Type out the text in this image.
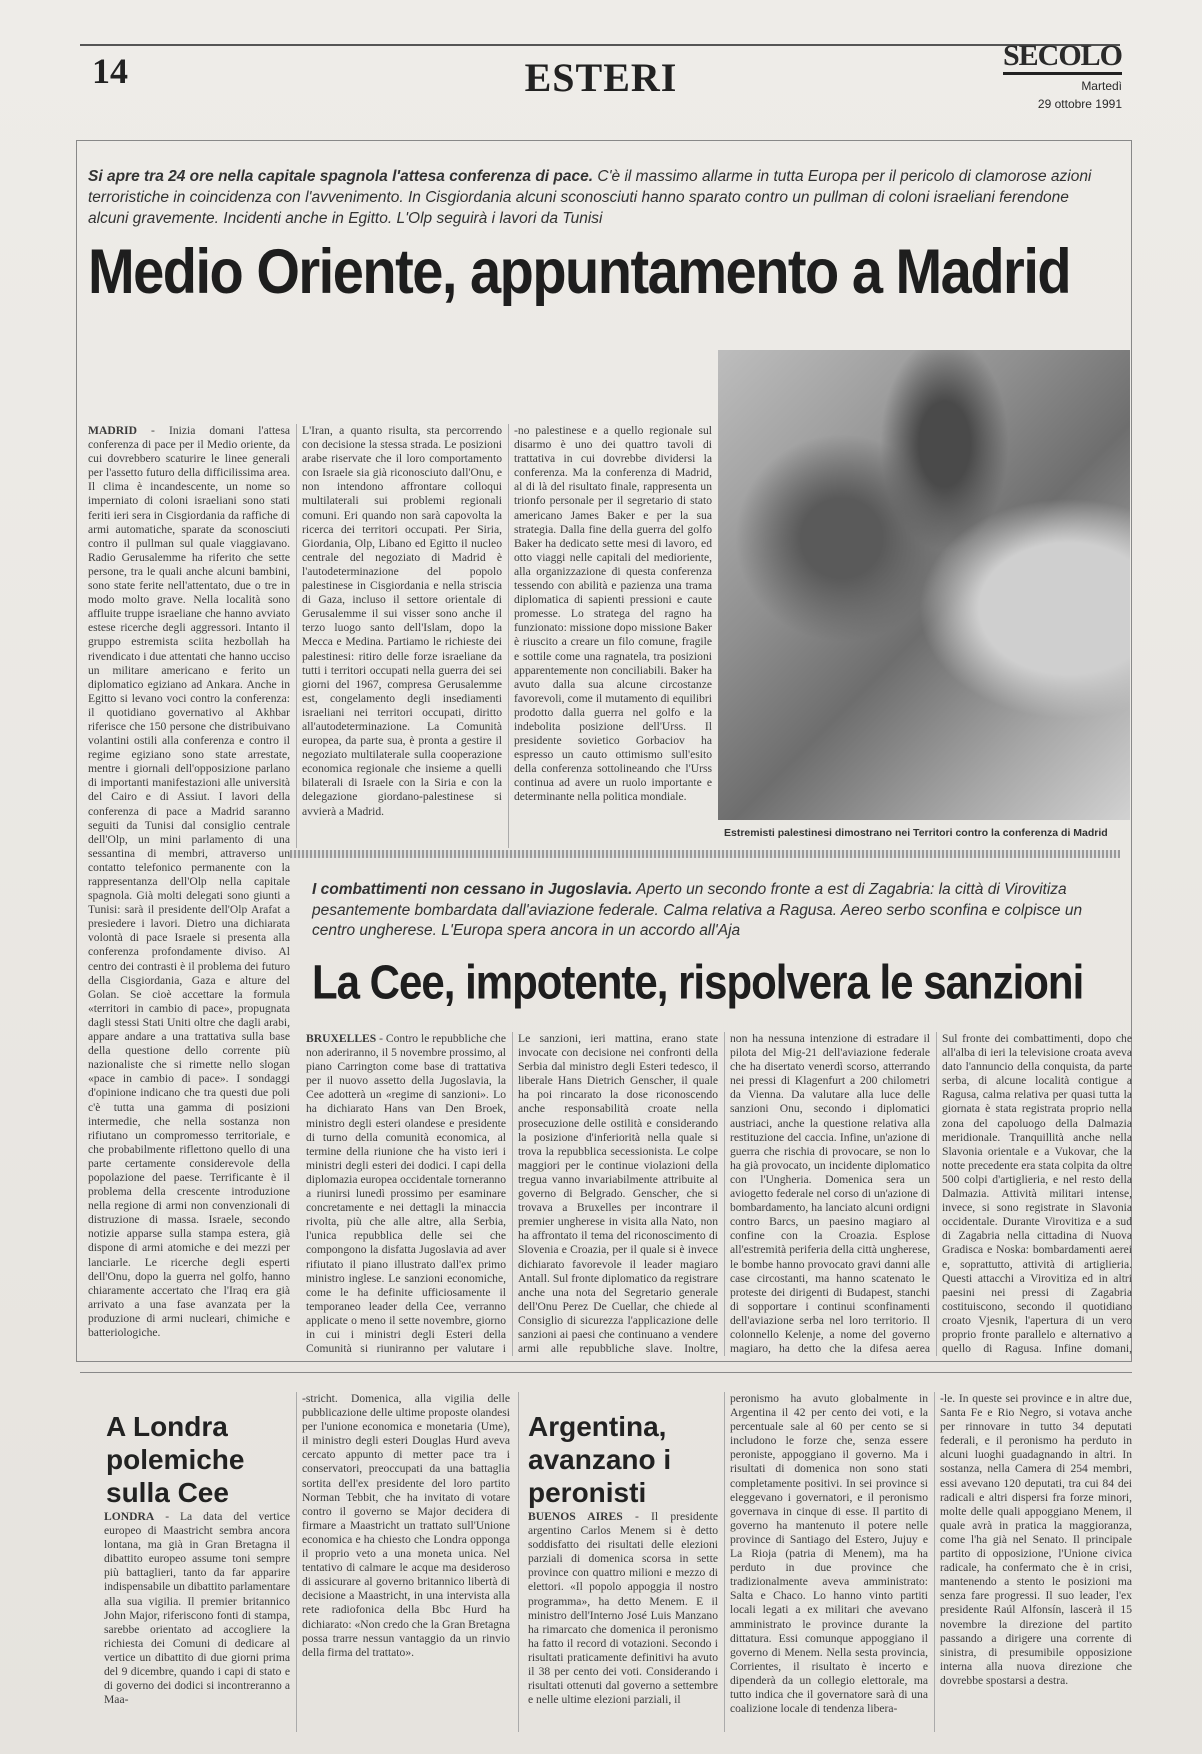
14	ESTERI	SECOLO
Martedì
29 ottobre 1991
Si apre tra 24 ore nella capitale spagnola l'attesa conferenza di pace. C'è il massimo allarme in tutta Europa per il pericolo di clamorose azioni terroristiche in coincidenza con l'avvenimento. In Cisgiordania alcuni sconosciuti hanno sparato contro un pullman di coloni israeliani ferendone alcuni gravemente. Incidenti anche in Egitto. L'Olp seguirà i lavori da Tunisi
Medio Oriente, appuntamento a Madrid

MADRID - Inizia domani l'attesa conferenza di pace per il Medio oriente, da cui dovrebbero scaturire le linee generali per l'assetto futuro della difficilissima area. Il clima è incandescente, un nome so imperniato di coloni israeliani sono stati feriti ieri sera in Cisgiordania da raffiche di armi automatiche, sparate da sconosciuti contro il pullman sul quale viaggiavano. Radio Gerusalemme ha riferito che sette persone, tra le quali anche alcuni bambini, sono state ferite nell'attentato, due o tre in modo molto grave. Nella località sono affluite truppe israeliane che hanno avviato estese ricerche degli aggressori. Intanto il gruppo estremista sciita hezbollah ha rivendicato i due attentati che hanno ucciso un militare americano e ferito un diplomatico egiziano ad Ankara. Anche in Egitto si levano voci contro la conferenza: il quotidiano governativo al Akhbar riferisce che 150 persone che distribuivano volantini ostili alla conferenza e contro il regime egiziano sono state arrestate, mentre i giornali dell'opposizione parlano di importanti manifestazioni alle università del Cairo e di Assiut. I lavori della conferenza di pace a Madrid saranno seguiti da Tunisi dal consiglio centrale dell'Olp, un mini parlamento di una sessantina di membri, attraverso un contatto telefonico permanente con la rappresentanza dell'Olp nella capitale spagnola. Già molti delegati sono giunti a Tunisi: sarà il presidente dell'Olp Arafat a presiedere i lavori. Dietro una dichiarata volontà di pace Israele si presenta alla conferenza profondamente diviso. Al centro dei contrasti è il problema dei futuro della Cisgiordania, Gaza e alture del Golan. Se cioè accettare la formula «territori in cambio di pace», propugnata dagli stessi Stati Uniti oltre che dagli arabi, appare andare a una trattativa sulla base della questione dello corrente più nazionaliste che si rimette nello slogan «pace in cambio di pace». I sondaggi d'opinione indicano che tra questi due poli c'è tutta una gamma di posizioni intermedie, che nella sostanza non rifiutano un compromesso territoriale, e che probabilmente riflettono quello di una parte certamente considerevole della popolazione del paese. Terrificante è il problema della crescente introduzione nella regione di armi non convenzionali di distruzione di massa. Israele, secondo notizie apparse sulla stampa estera, già dispone di armi atomiche e dei mezzi per lanciarle. Le ricerche degli esperti dell'Onu, dopo la guerra nel golfo, hanno chiaramente accertato che l'Iraq era già arrivato a una fase avanzata per la produzione di armi nucleari, chimiche e batteriologiche.

L'Iran, a quanto risulta, sta percorrendo con decisione la stessa strada. Le posizioni arabe riservate che il loro comportamento con Israele sia già riconosciuto dall'Onu, e non intendono affrontare colloqui multilaterali sui problemi regionali comuni. Eri quando non sarà capovolta la ricerca dei territori occupati. Per Siria, Giordania, Olp, Libano ed Egitto il nucleo centrale del negoziato di Madrid è l'autodeterminazione del popolo palestinese in Cisgiordania e nella striscia di Gaza, incluso il settore orientale di Gerusalemme il sui visser sono anche il terzo luogo santo dell'Islam, dopo la Mecca e Medina. Partiamo le richieste dei palestinesi: ritiro delle forze israeliane da tutti i territori occupati nella guerra dei sei giorni del 1967, compresa Gerusalemme est, congelamento degli insediamenti israeliani nei territori occupati, diritto all'autodeterminazione. La Comunità europea, da parte sua, è pronta a gestire il negoziato multilaterale sulla cooperazione economica regionale che insieme a quelli bilaterali di Israele con la Siria e con la delegazione giordano-palestinese si avvierà a Madrid.

-no palestinese e a quello regionale sul disarmo è uno dei quattro tavoli di trattativa in cui dovrebbe dividersi la conferenza. Ma la conferenza di Madrid, al di là del risultato finale, rappresenta un trionfo personale per il segretario di stato americano James Baker e per la sua strategia. Dalla fine della guerra del golfo Baker ha dedicato sette mesi di lavoro, ed otto viaggi nelle capitali del medioriente, alla organizzazione di questa conferenza tessendo con abilità e pazienza una trama diplomatica di sapienti pressioni e caute promesse. Lo stratega del ragno ha funzionato: missione dopo missione Baker è riuscito a creare un filo comune, fragile e sottile come una ragnatela, tra posizioni apparentemente non conciliabili. Baker ha avuto dalla sua alcune circostanze favorevoli, come il mutamento di equilibri prodotto dalla guerra nel golfo e la indebolita posizione dell'Urss. Il presidente sovietico Gorbaciov ha espresso un cauto ottimismo sull'esito della conferenza sottolineando che l'Urss continua ad avere un ruolo importante e determinante nella politica mondiale.

Estremisti palestinesi dimostrano nei Territori contro la conferenza di Madrid
I combattimenti non cessano in Jugoslavia. Aperto un secondo fronte a est di Zagabria: la città di Virovitiza pesantemente bombardata dall'aviazione federale. Calma relativa a Ragusa. Aereo serbo sconfina e colpisce un centro ungherese. L'Europa spera ancora in un accordo all'Aja
La Cee, impotente, rispolvera le sanzioni

BRUXELLES - Contro le repubbliche che non aderiranno, il 5 novembre prossimo, al piano Carrington come base di trattativa per il nuovo assetto della Jugoslavia, la Cee adotterà un «regime di sanzioni». Lo ha dichiarato Hans van Den Broek, ministro degli esteri olandese e presidente di turno della comunità economica, al termine della riunione che ha visto ieri i ministri degli esteri dei dodici. I capi della diplomazia europea occidentale torneranno a riunirsi lunedì prossimo per esaminare concretamente e nei dettagli la minaccia rivolta, più che alle altre, alla Serbia, l'unica repubblica delle sei che compongono la disfatta Jugoslavia ad aver rifiutato il piano illustrato dall'ex primo ministro inglese. Le sanzioni economiche, come le ha definite ufficiosamente il temporaneo leader della Cee, verranno applicate o meno il sette novembre, giorno in cui i ministri degli Esteri della Comunità si riuniranno per valutare i

Le sanzioni, ieri mattina, erano state invocate con decisione nei confronti della Serbia dal ministro degli Esteri tedesco, il liberale Hans Dietrich Genscher, il quale ha poi rincarato la dose riconoscendo anche responsabilità croate nella prosecuzione delle ostilità e considerando la posizione d'inferiorità nella quale si trova la repubblica secessionista. Le colpe maggiori per le continue violazioni della tregua vanno invariabilmente attribuite al governo di Belgrado. Genscher, che si trovava a Bruxelles per incontrare il premier ungherese in visita alla Nato, non ha affrontato il tema del riconoscimento di Slovenia e Croazia, per il quale si è invece dichiarato favorevole il leader magiaro Antall. Sul fronte diplomatico da registrare anche una nota del Segretario generale dell'Onu Perez De Cuellar, che chiede al Consiglio di sicurezza l'applicazione delle sanzioni ai paesi che continuano a vendere armi alle repubbliche slave. Inoltre,

non ha nessuna intenzione di estradare il pilota del Mig-21 dell'aviazione federale che ha disertato venerdì scorso, atterrando nei pressi di Klagenfurt a 200 chilometri da Vienna. Da valutare alla luce delle sanzioni Onu, secondo i diplomatici austriaci, anche la questione relativa alla restituzione del caccia. Infine, un'azione di guerra che rischia di provocare, se non lo ha già provocato, un incidente diplomatico con l'Ungheria. Domenica sera un aviogetto federale nel corso di un'azione di bombardamento, ha lanciato alcuni ordigni contro Barcs, un paesino magiaro al confine con la Croazia. Esplose all'estremità periferia della città ungherese, le bombe hanno provocato gravi danni alle case circostanti, ma hanno scatenato le proteste dei dirigenti di Budapest, stanchi di sopportare i continui sconfinamenti dell'aviazione serba nel loro territorio. Il colonnello Kelenje, a nome del governo magiaro, ha detto che la difesa aerea

Sul fronte dei combattimenti, dopo che all'alba di ieri la televisione croata aveva dato l'annuncio della conquista, da parte serba, di alcune località contigue a Ragusa, calma relativa per quasi tutta la giornata è stata registrata proprio nella zona del capoluogo della Dalmazia meridionale. Tranquillità anche nella Slavonia orientale e a Vukovar, che la notte precedente era stata colpita da oltre 500 colpi d'artiglieria, e nel resto della Dalmazia. Attività militari intense, invece, si sono registrate in Slavonia occidentale. Durante Virovitiza e a sud di Zagabria nella cittadina di Nuova Gradisca e Noska: bombardamenti aerei e, soprattutto, attività di artiglieria. Questi attacchi a Virovitiza ed in altri paesini nei pressi di Zagabria costituiscono, secondo il quotidiano croato Vjesnik, l'apertura di un vero proprio fronte parallelo e alternativo a quello di Ragusa. Infine domani,

A Londra polemiche sulla Cee

LONDRA - La data del vertice europeo di Maastricht sembra ancora lontana, ma già in Gran Bretagna il dibattito europeo assume toni sempre più battaglieri, tanto da far apparire indispensabile un dibattito parlamentare alla sua vigilia. Il premier britannico John Major, riferiscono fonti di stampa, sarebbe orientato ad accogliere la richiesta dei Comuni di dedicare al vertice un dibattito di due giorni prima del 9 dicembre, quando i capi di stato e di governo dei dodici si incontreranno a Maa-

-stricht. Domenica, alla vigilia delle pubblicazione delle ultime proposte olandesi per l'unione economica e monetaria (Ume), il ministro degli esteri Douglas Hurd aveva cercato appunto di metter pace tra i conservatori, preoccupati da una battaglia sortita dell'ex presidente del loro partito Norman Tebbit, che ha invitato di votare contro il governo se Major decidera di firmare a Maastricht un trattato sull'Unione economica e ha chiesto che Londra opponga il proprio veto a una moneta unica. Nel tentativo di calmare le acque ma desideroso di assicurare al governo britannico libertà di decisione a Maastricht, in una intervista alla rete radiofonica della Bbc Hurd ha dichiarato: «Non credo che la Gran Bretagna possa trarre nessun vantaggio da un rinvio della firma del trattato».

Argentina, avanzano i peronisti

BUENOS AIRES - Il presidente argentino Carlos Menem si è detto soddisfatto dei risultati delle elezioni parziali di domenica scorsa in sette province con quattro milioni e mezzo di elettori. «Il popolo appoggia il nostro programma», ha detto Menem. E il ministro dell'Interno José Luis Manzano ha rimarcato che domenica il peronismo ha fatto il record di votazioni. Secondo i risultati praticamente definitivi ha avuto il 38 per cento dei voti. Considerando i risultati ottenuti dal governo a settembre e nelle ultime elezioni parziali, il

peronismo ha avuto globalmente in Argentina il 42 per cento dei voti, e la percentuale sale al 60 per cento se si includono le forze che, senza essere peroniste, appoggiano il governo. Ma i risultati di domenica non sono stati completamente positivi. In sei province si eleggevano i governatori, e il peronismo governava in cinque di esse. Il partito di governo ha mantenuto il potere nelle province di Santiago del Estero, Jujuy e La Rioja (patria di Menem), ma ha perduto in due province che tradizionalmente aveva amministrato: Salta e Chaco. Lo hanno vinto partiti locali legati a ex militari che avevano amministrato le province durante la dittatura. Essi comunque appoggiano il governo di Menem. Nella sesta provincia, Corrientes, il risultato è incerto e dipenderà da un collegio elettorale, ma tutto indica che il governatore sarà di una coalizione locale di tendenza libera-

-le. In queste sei province e in altre due, Santa Fe e Rio Negro, si votava anche per rinnovare in tutto 34 deputati federali, e il peronismo ha perduto in alcuni luoghi guadagnando in altri. In sostanza, nella Camera di 254 membri, essi avevano 120 deputati, tra cui 84 dei radicali e altri dispersi fra forze minori, molte delle quali appoggiano Menem, il quale avrà in pratica la maggioranza, come l'ha già nel Senato. Il principale partito di opposizione, l'Unione civica radicale, ha confermato che è in crisi, mantenendo a stento le posizioni ma senza fare progressi. Il suo leader, l'ex presidente Raúl Alfonsín, lascerà il 15 novembre la direzione del partito passando a dirigere una corrente di sinistra, di presumibile opposizione interna alla nuova direzione che dovrebbe spostarsi a destra.
